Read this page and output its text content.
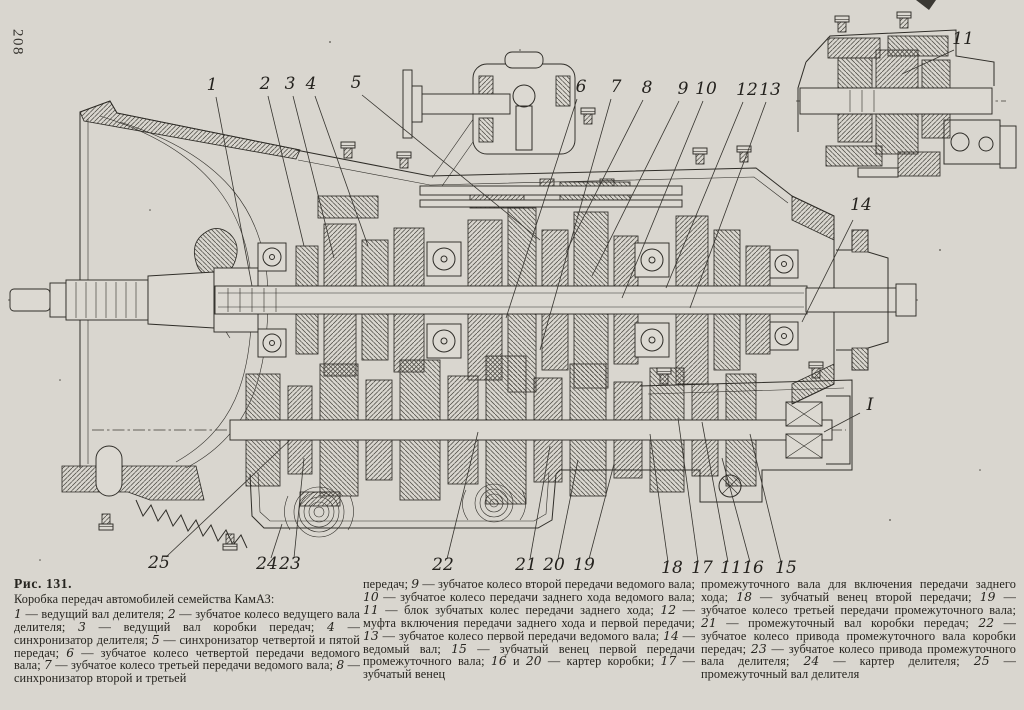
208
1 2 3 4 5	6 7 8 9 10 12 13
11
14
I
25	24 23	22	21 20 19	18 17 11 16 15
Рис. 131.
Коробка передач автомобилей семейства КамАЗ:
1 — ведущий вал делителя; 2 — зубчатое колесо ведущего вала делителя; 3 — ведущий вал коробки передач; 4 — синхронизатор делителя; 5 — синхронизатор четвертой и пятой передач; 6 — зубчатое колесо четвертой передачи ведомого вала; 7 — зубчатое колесо третьей передачи ведомого вала; 8 — синхронизатор второй и третьей
передач; 9 — зубчатое колесо второй передачи ведомого вала; 10 — зубчатое колесо передачи заднего хода ведомого вала; 11 — блок зубчатых колес передачи заднего хода; 12 — муфта включения передачи заднего хода и первой передачи; 13 — зубчатое колесо первой передачи ведомого вала; 14 — ведомый вал; 15 — зубчатый венец первой передачи промежуточного вала; 16 и 20 — картер коробки; 17 — зубчатый венец
промежуточного вала для включения передачи заднего хода; 18 — зубчатый венец второй передачи; 19 — зубчатое колесо третьей передачи промежуточного вала; 21 — промежуточный вал коробки передач; 22 — зубчатое колесо привода промежуточного вала коробки передач; 23 — зубчатое колесо привода промежуточного вала делителя; 24 — картер делителя; 25 — промежуточный вал делителя
